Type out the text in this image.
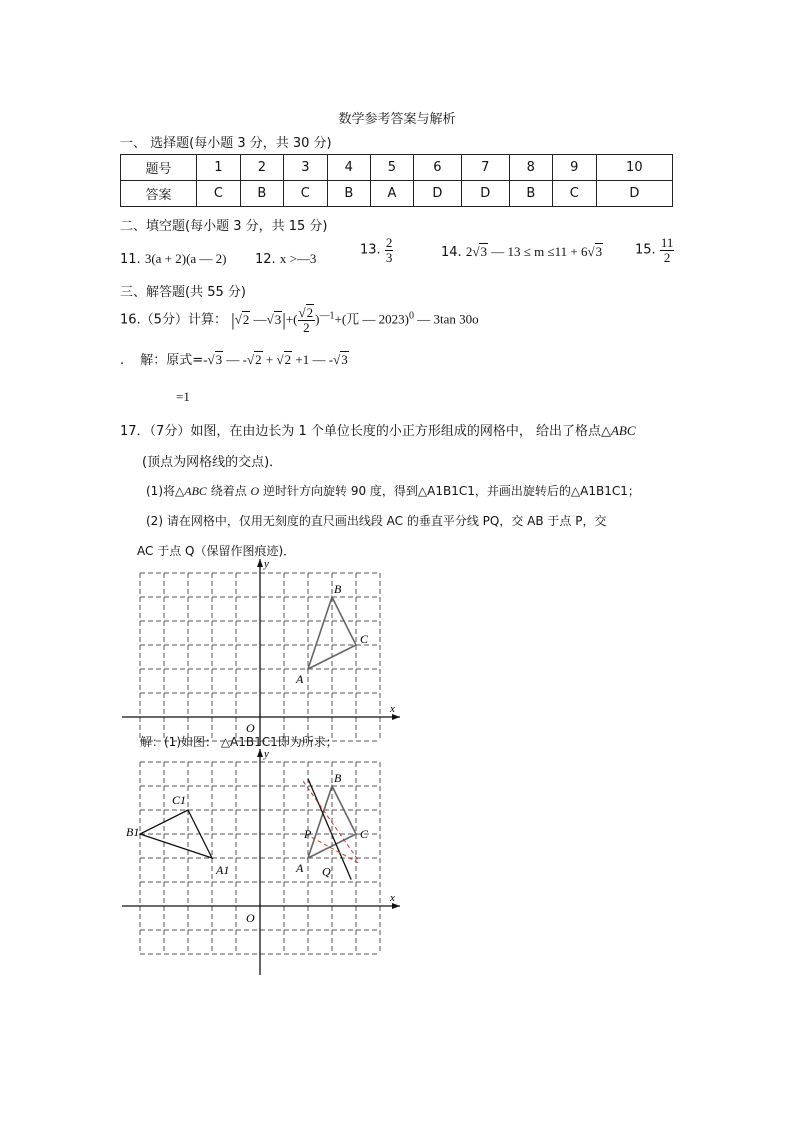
数学参考答案与解析
一、 选择题(每小题 3 分，共 30 分)
题号	1	2	3	4	5	6	7	8	9	10
答案	C	B	C	B	A	D	D	B	C	D
二、填空题(每小题 3 分，共 15 分)
11. 3(a + 2)(a — 2) 12. x >—3
13. $\frac{2}{3}$	14. 2√3 — 13 ≤ m ≤11 + 6√3	15. $\frac{11}{2}$
三、解答题(共 55 分)
16.（5分）计算： |√2 —√3|+( $\frac{√2}{2} )^{—1}+$(兀 — 2023)$^0$ — 3tan 30o
. 解：原式=-√3 — -√2 + √2 +1 — -√3
=1
17．（7分）如图，在由边长为 1 个单位长度的小正方形组成的网格中， 给出了格点△ABC
(顶点为网格线的交点)．
(1)将△ABC 绕着点 O 逆时针方向旋转 90 度，得到△A1B1C1，并画出旋转后的△A1B1C1；
(2) 请在网格中，仅用无刻度的直尺画出线段 AC 的垂直平分线 PQ，交 AB 于点 P，交
AC 于点 Q（保留作图痕迹)．
x
y
O
A
B
C
解：(1)如图： △A1B1C1即为所求；
x
y
O
A
B
C
A1
B1
C1
P
Q
